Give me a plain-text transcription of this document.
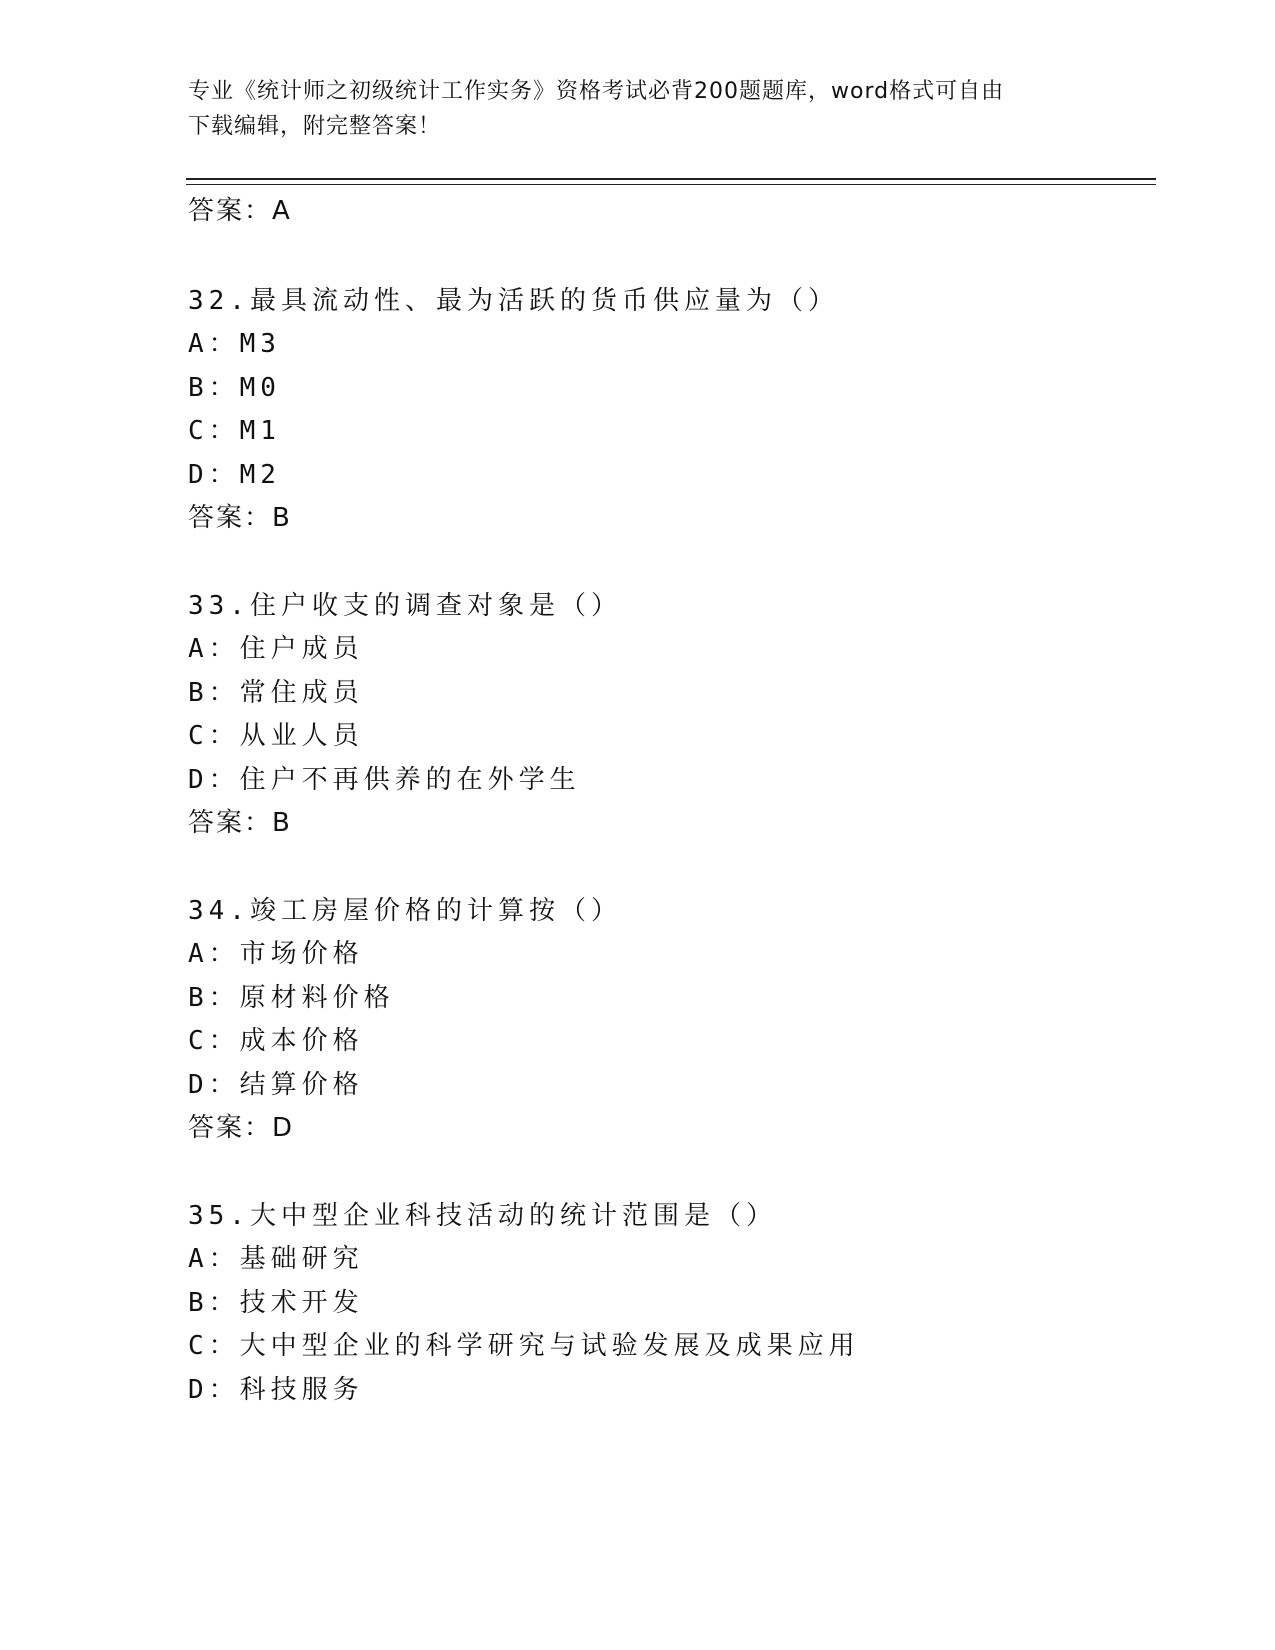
专业《统计师之初级统计工作实务》资格考试必背200题题库，word格式可自由
下载编辑，附完整答案！
答案：A
32.最具流动性、最为活跃的货币供应量为（）
A：M3
B：M0
C：M1
D：M2
答案：B
33.住户收支的调查对象是（）
A：住户成员
B：常住成员
C：从业人员
D：住户不再供养的在外学生
答案：B
34.竣工房屋价格的计算按（）
A：市场价格
B：原材料价格
C：成本价格
D：结算价格
答案：D
35.大中型企业科技活动的统计范围是（）
A：基础研究
B：技术开发
C：大中型企业的科学研究与试验发展及成果应用
D：科技服务
